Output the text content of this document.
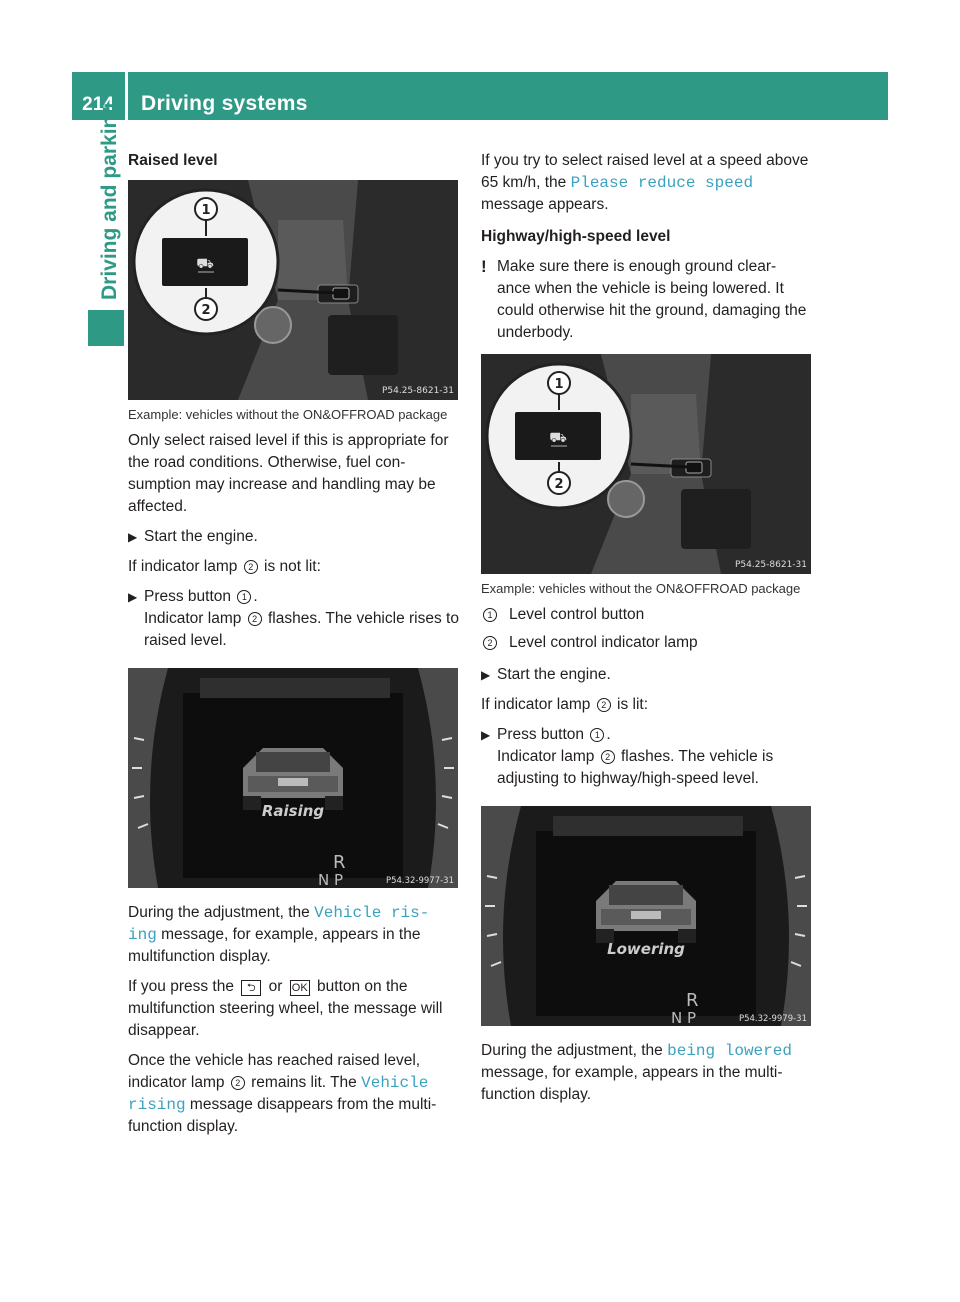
214	Driving systems
Driving and parking Raised level
⛟
1
2
P54.25-8621-31
Example: vehicles without the ON&OFFROAD package

Only select raised level if this is appropriate for the road conditions. Otherwise, fuel con- sumption may increase and handling may be affected.

▶ Start the engine.

If indicator lamp 2 is not lit:

▶ Press button 1 .
Indicator lamp 2 flashes. The vehicle rises to raised level.
Raising
R
N P	P54.32-9977-31

During the adjustment, the Vehicle ris‐ ing message, for example, appears in the multifunction display.

If you press the ⮌ or OK button on the multifunction steering wheel, the message will disappear.

Once the vehicle has reached raised level, indicator lamp 2 remains lit. The Vehicle rising message disappears from the multi- function display.

If you try to select raised level at a speed above 65 km/h, the Please reduce speed message appears.

Highway/high-speed level
! Make sure there is enough ground clear- ance when the vehicle is being lowered. It could otherwise hit the ground, damaging the underbody.
⛟
1
2
P54.25-8621-31
Example: vehicles without the ON&OFFROAD package
1 Level control button
2 Level control indicator lamp
▶ Start the engine.

If indicator lamp 2 is lit:

▶ Press button 1 .
Indicator lamp 2 flashes. The vehicle is adjusting to highway/high-speed level.
Lowering
R
N P	P54.32-9979-31

During the adjustment, the being lowered message, for example, appears in the multi- function display.
